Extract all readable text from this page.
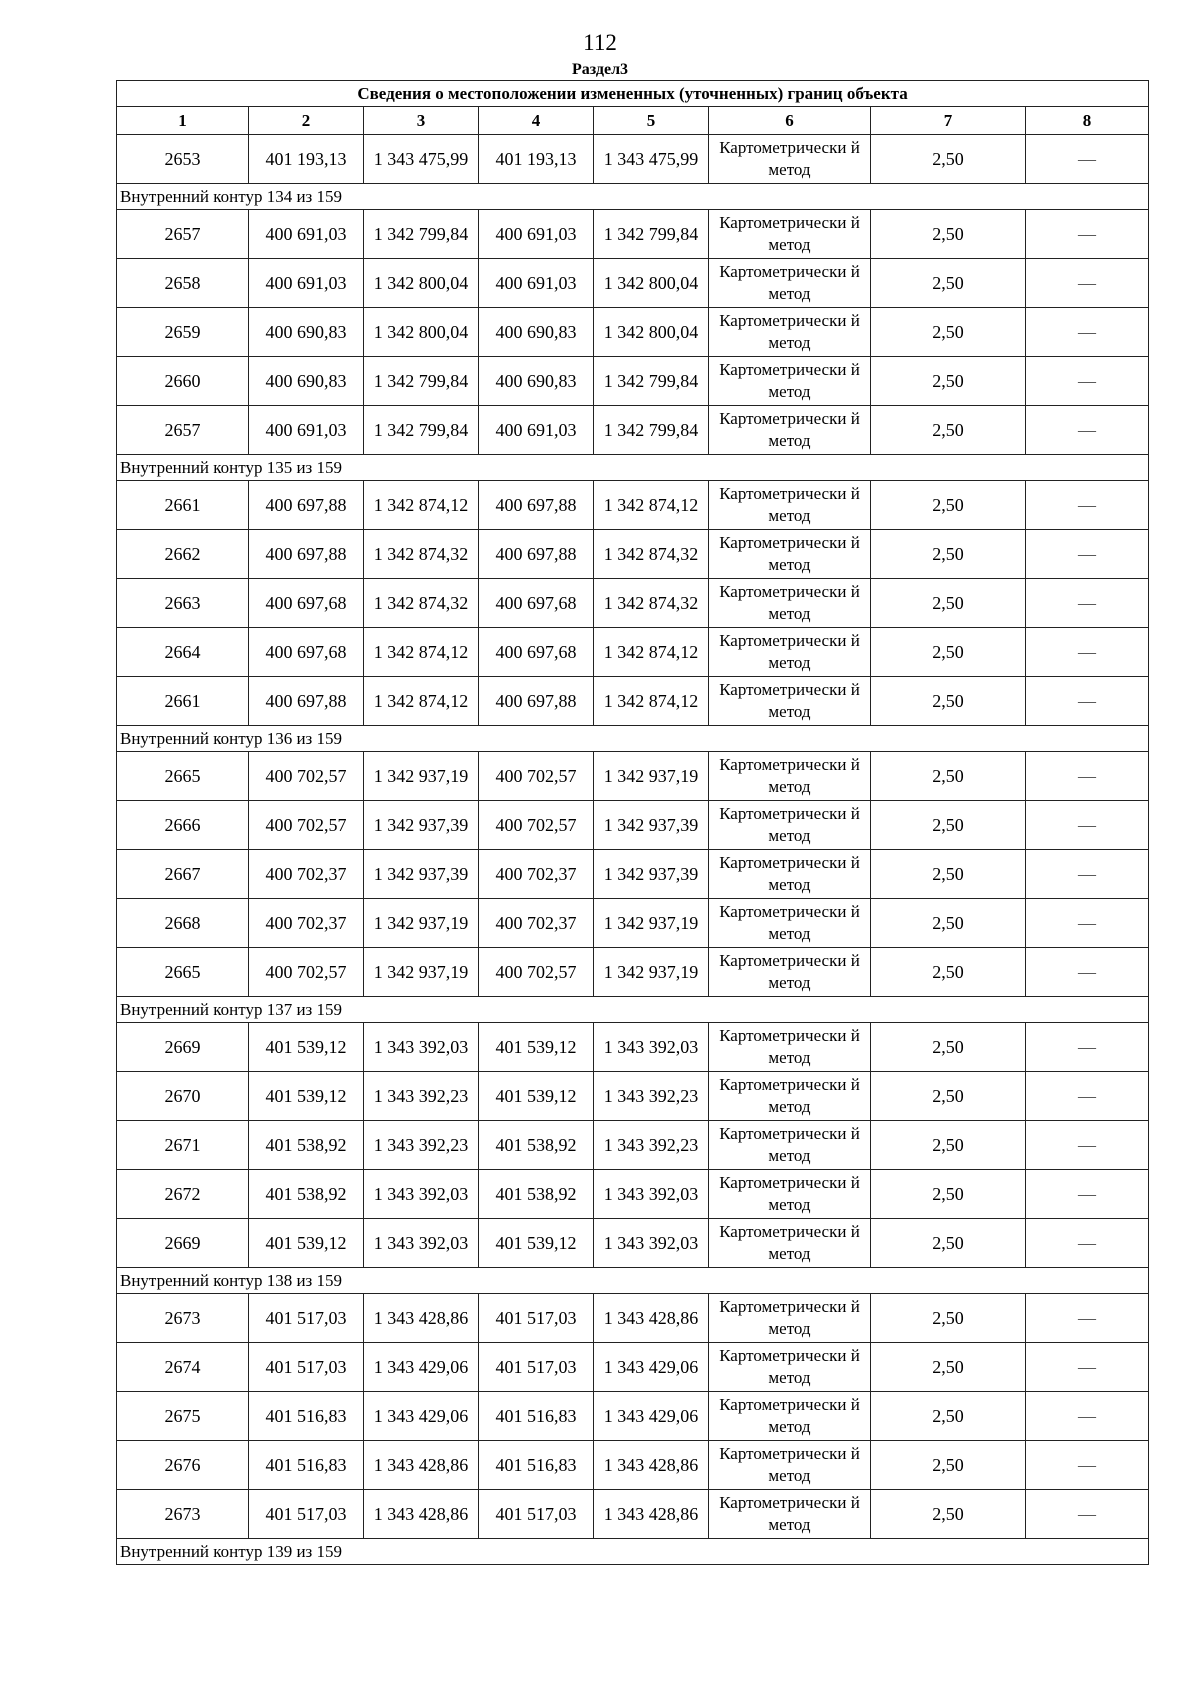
112
Раздел3
Сведения о местоположении измененных (уточненных) границ объекта							
1	2	3	4	5	6	7	8
2653	401 193,13	1 343 475,99	401 193,13	1 343 475,99	Картометрически й метод	2,50	—
Внутренний контур 134 из 159							
2657	400 691,03	1 342 799,84	400 691,03	1 342 799,84	Картометрически й метод	2,50	—
2658	400 691,03	1 342 800,04	400 691,03	1 342 800,04	Картометрически й метод	2,50	—
2659	400 690,83	1 342 800,04	400 690,83	1 342 800,04	Картометрически й метод	2,50	—
2660	400 690,83	1 342 799,84	400 690,83	1 342 799,84	Картометрически й метод	2,50	—
2657	400 691,03	1 342 799,84	400 691,03	1 342 799,84	Картометрически й метод	2,50	—
Внутренний контур 135 из 159							
2661	400 697,88	1 342 874,12	400 697,88	1 342 874,12	Картометрически й метод	2,50	—
2662	400 697,88	1 342 874,32	400 697,88	1 342 874,32	Картометрически й метод	2,50	—
2663	400 697,68	1 342 874,32	400 697,68	1 342 874,32	Картометрически й метод	2,50	—
2664	400 697,68	1 342 874,12	400 697,68	1 342 874,12	Картометрически й метод	2,50	—
2661	400 697,88	1 342 874,12	400 697,88	1 342 874,12	Картометрически й метод	2,50	—
Внутренний контур 136 из 159							
2665	400 702,57	1 342 937,19	400 702,57	1 342 937,19	Картометрически й метод	2,50	—
2666	400 702,57	1 342 937,39	400 702,57	1 342 937,39	Картометрически й метод	2,50	—
2667	400 702,37	1 342 937,39	400 702,37	1 342 937,39	Картометрически й метод	2,50	—
2668	400 702,37	1 342 937,19	400 702,37	1 342 937,19	Картометрически й метод	2,50	—
2665	400 702,57	1 342 937,19	400 702,57	1 342 937,19	Картометрически й метод	2,50	—
Внутренний контур 137 из 159							
2669	401 539,12	1 343 392,03	401 539,12	1 343 392,03	Картометрически й метод	2,50	—
2670	401 539,12	1 343 392,23	401 539,12	1 343 392,23	Картометрически й метод	2,50	—
2671	401 538,92	1 343 392,23	401 538,92	1 343 392,23	Картометрически й метод	2,50	—
2672	401 538,92	1 343 392,03	401 538,92	1 343 392,03	Картометрически й метод	2,50	—
2669	401 539,12	1 343 392,03	401 539,12	1 343 392,03	Картометрически й метод	2,50	—
Внутренний контур 138 из 159							
2673	401 517,03	1 343 428,86	401 517,03	1 343 428,86	Картометрически й метод	2,50	—
2674	401 517,03	1 343 429,06	401 517,03	1 343 429,06	Картометрически й метод	2,50	—
2675	401 516,83	1 343 429,06	401 516,83	1 343 429,06	Картометрически й метод	2,50	—
2676	401 516,83	1 343 428,86	401 516,83	1 343 428,86	Картометрически й метод	2,50	—
2673	401 517,03	1 343 428,86	401 517,03	1 343 428,86	Картометрически й метод	2,50	—
Внутренний контур 139 из 159							
